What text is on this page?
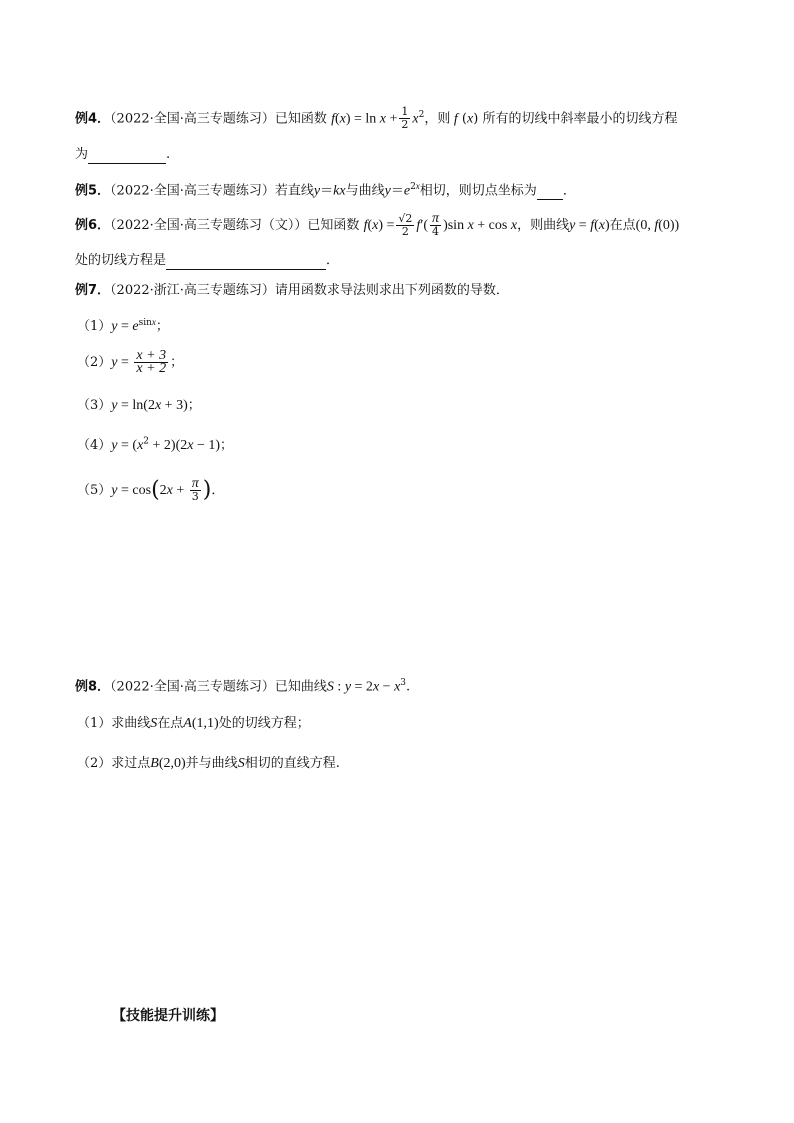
例4．（2022·全国·高三专题练习）已知函数 $f(x) = \ln x + \frac{1}{2} x^2$，则 f (x) 所有的切线中斜率最小的切线方程
为	.
例5．（2022·全国·高三专题练习）若直线y＝kx与曲线$y=e^{2x}$相切，则切点坐标为 ．
例6．（2022·全国·高三专题练习（文））已知函数 $f(x) = \frac{√2}{2} f'( \frac{\pi}{4} )\sin$ x + cos x，则曲线y = f(x)在点(0, f(0))
处的切线方程是	．
例7．（2022·浙江·高三专题练习）请用函数求导法则求出下列函数的导数．
$(1)y = e^{sinx}$；
$(2)y = \frac{x + 3}{x + 2}$ ；
（3）y = ln(2x + 3)；
$(4)y = (x^2 + 2)(2x - 1)$；
$(5)y = \cos(2x + \frac{\pi}{3}$ )．
例8．（2022·全国·高三专题练习）已知曲线S : $y = 2x - x^3$.
（1）求曲线S在点A(1,1)处的切线方程；
（2）求过点B(2,0)并与曲线S相切的直线方程.
【技能提升训练】
